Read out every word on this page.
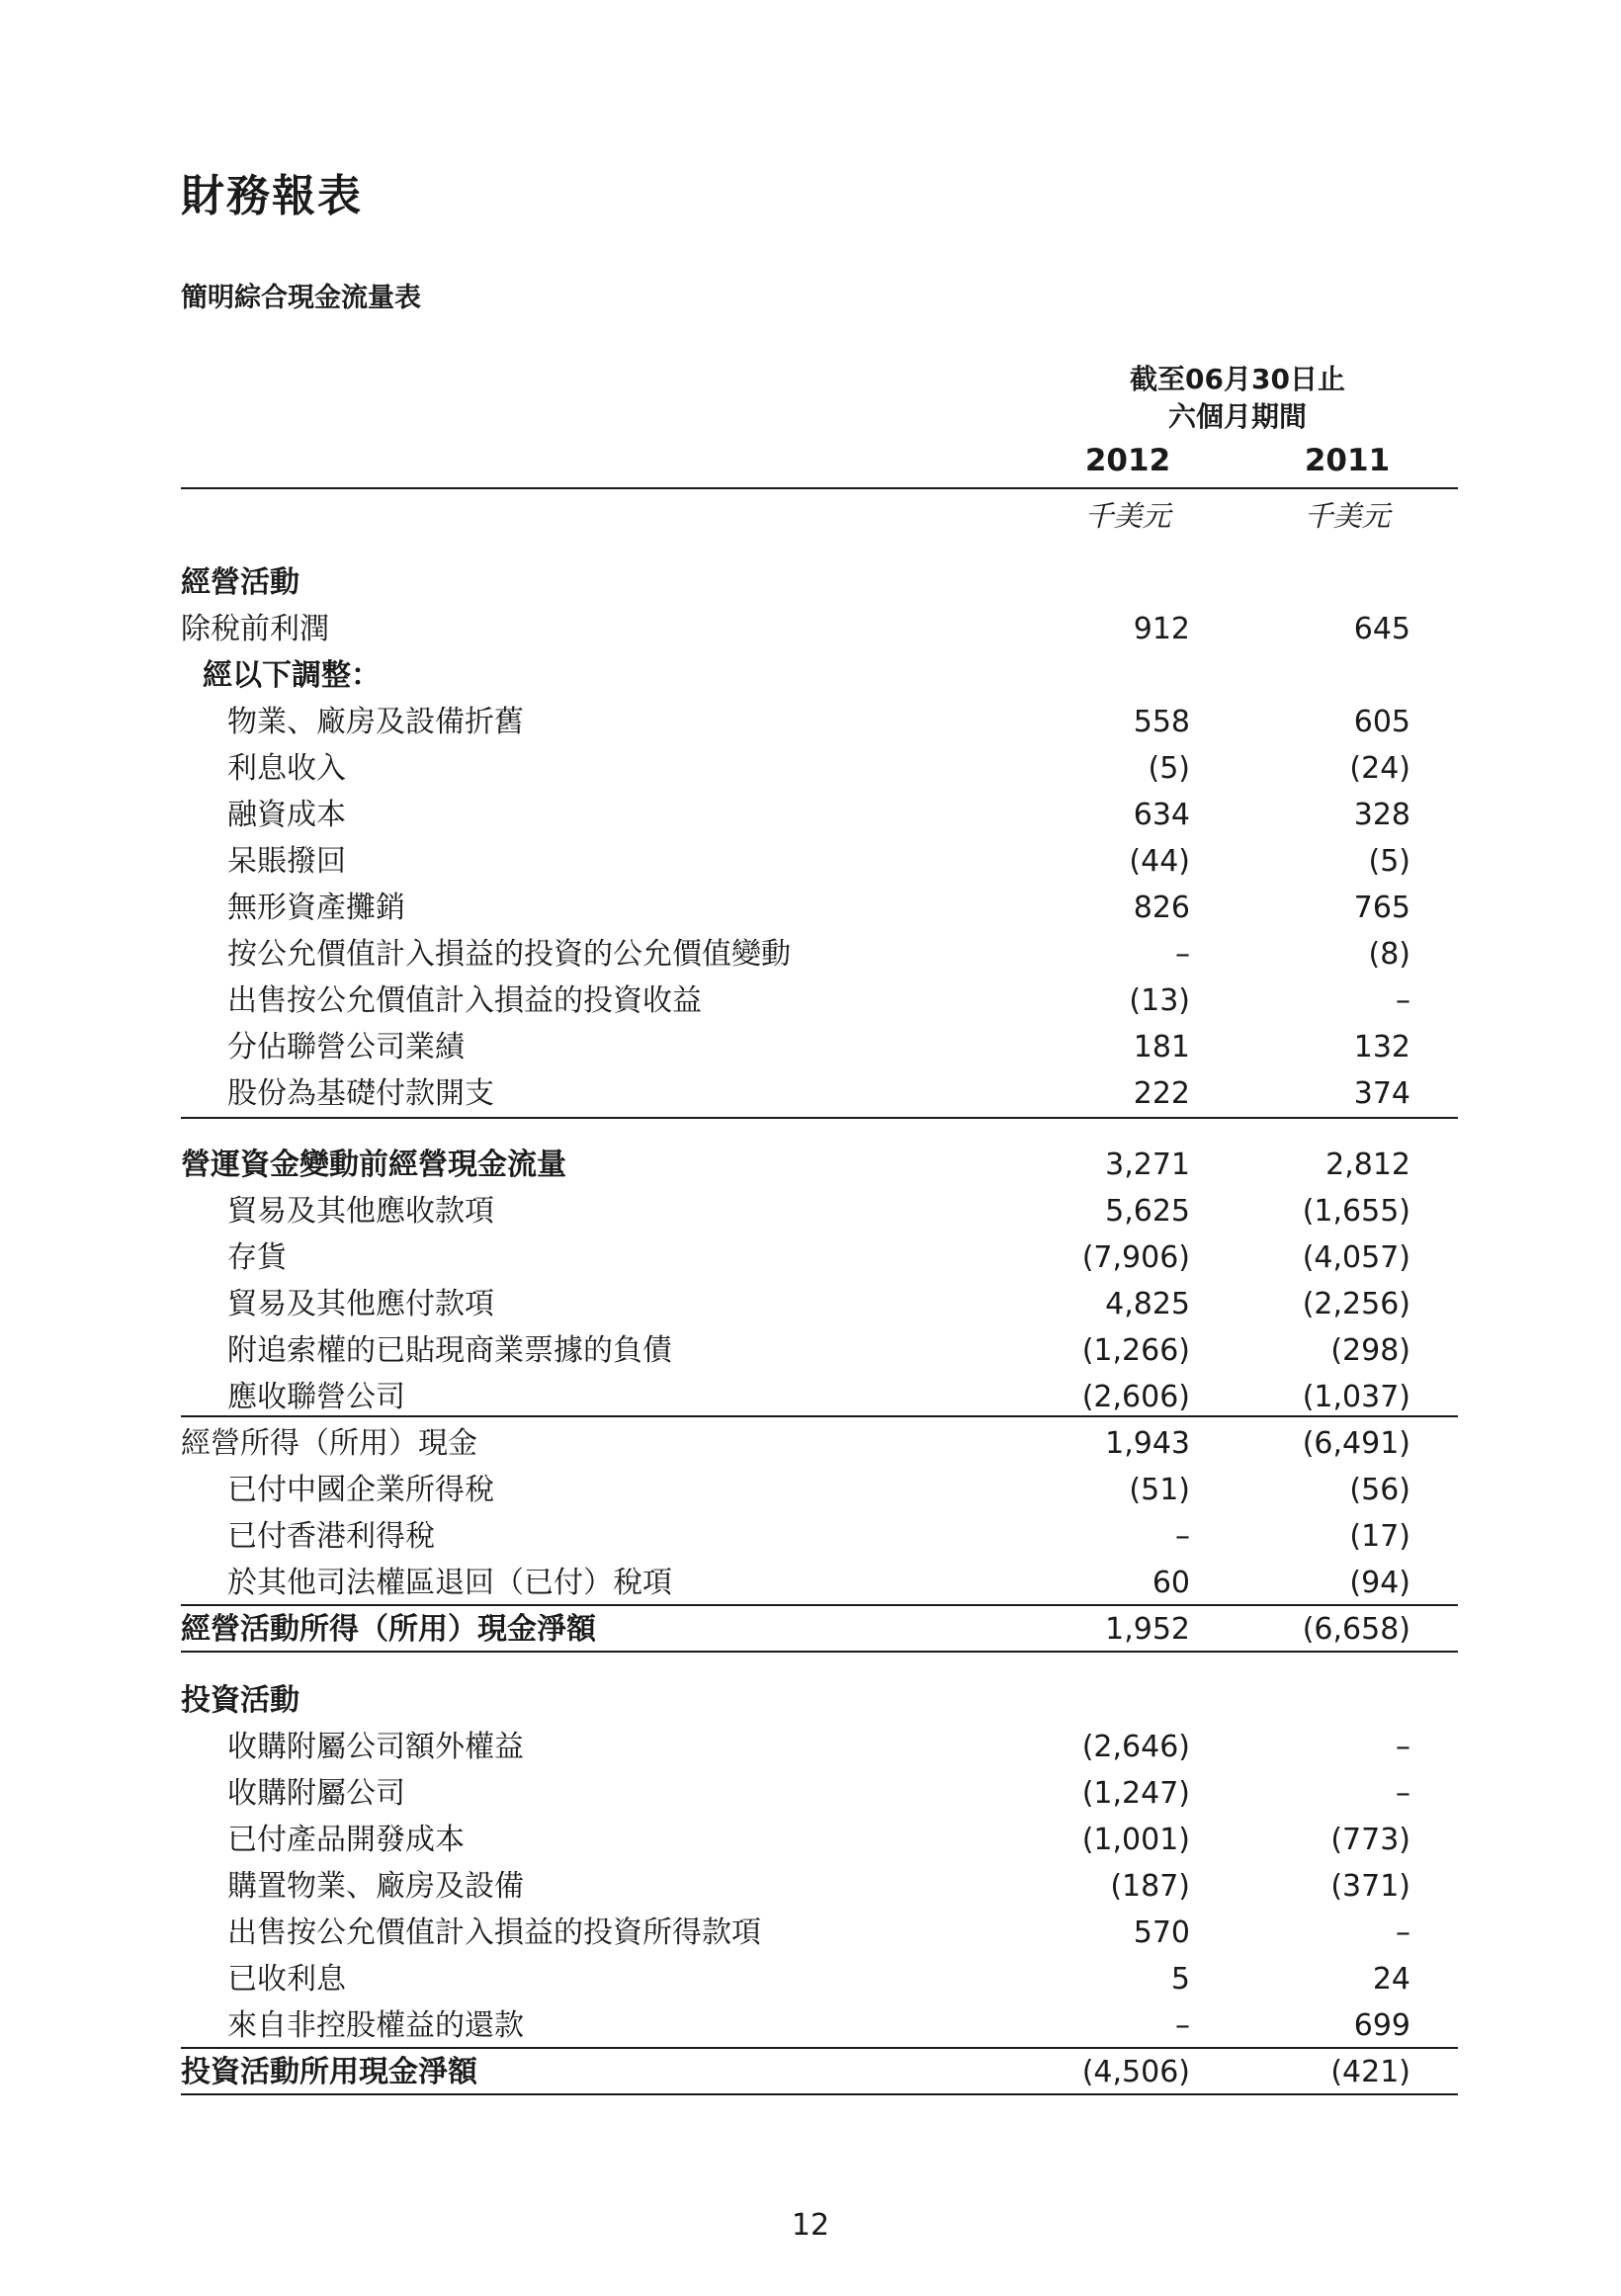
財務報表
簡明綜合現金流量表
截至06月30日止
六個月期間
2012	2011
千美元	千美元
經營活動
除稅前利潤	912	645
經以下調整：
物業、廠房及設備折舊	558	605
利息收入	(5)	(24)
融資成本	634	328
呆賬撥回	(44)	(5)
無形資產攤銷	826	765
按公允價值計入損益的投資的公允價值變動	–	(8)
出售按公允價值計入損益的投資收益	(13)	–
分佔聯營公司業績	181	132
股份為基礎付款開支	222	374
營運資金變動前經營現金流量	3,271	2,812
貿易及其他應收款項	5,625	(1,655)
存貨	(7,906)	(4,057)
貿易及其他應付款項	4,825	(2,256)
附追索權的已貼現商業票據的負債	(1,266)	(298)
應收聯營公司	(2,606)	(1,037)
經營所得（所用）現金	1,943	(6,491)
已付中國企業所得稅	(51)	(56)
已付香港利得稅	–	(17)
於其他司法權區退回（已付）稅項	60	(94)
經營活動所得（所用）現金淨額	1,952	(6,658)
投資活動
收購附屬公司額外權益	(2,646)	–
收購附屬公司	(1,247)	–
已付產品開發成本	(1,001)	(773)
購置物業、廠房及設備	(187)	(371)
出售按公允價值計入損益的投資所得款項	570	–
已收利息	5	24
來自非控股權益的還款	–	699
投資活動所用現金淨額	(4,506)	(421)
12
